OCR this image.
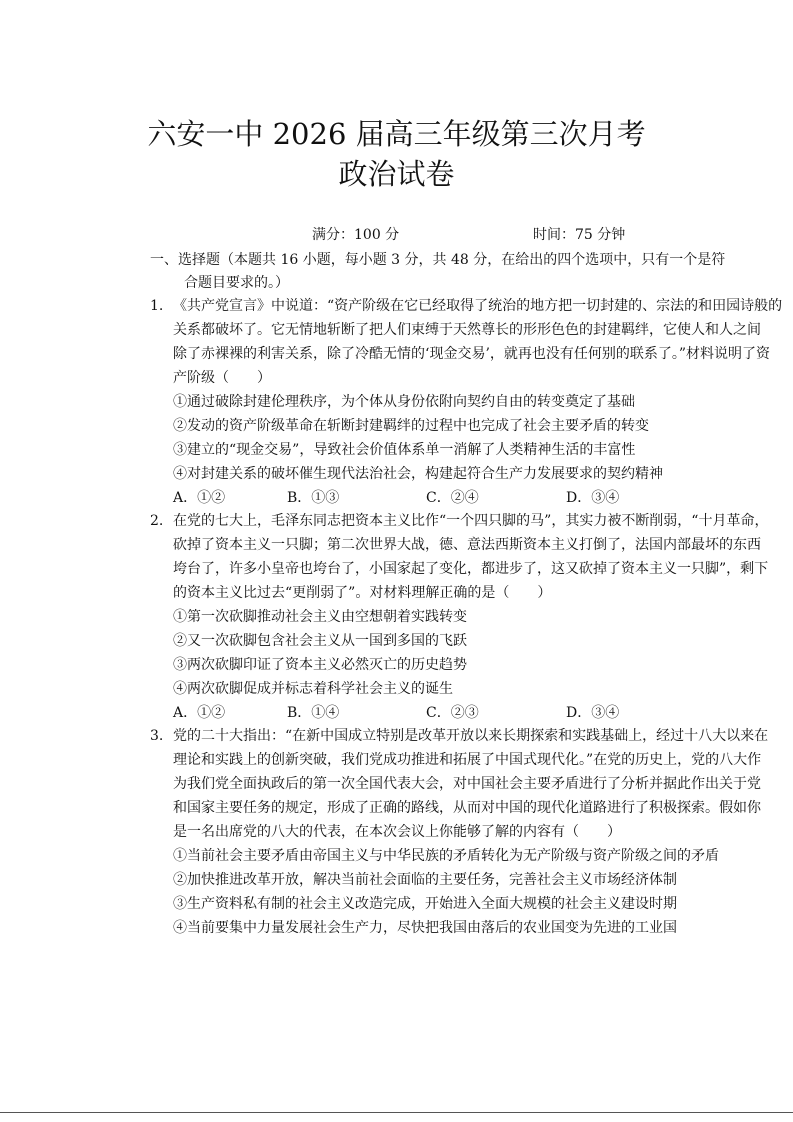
六安一中 2026 届高三年级第三次月考
政治试卷
满分：100 分	时间：75 分钟
一、选择题（本题共 16 小题，每小题 3 分，共 48 分，在给出的四个选项中，只有一个是符
合题目要求的。）
1. 《共产党宣言》中说道：“资产阶级在它已经取得了统治的地方把一切封建的、宗法的和田园诗般的
关系都破坏了。它无情地斩断了把人们束缚于天然尊长的形形色色的封建羁绊，它使人和人之间
除了赤裸裸的利害关系，除了冷酷无情的‘现金交易’，就再也没有任何别的联系了。”材料说明了资
产阶级（　　）
①通过破除封建伦理秩序，为个体从身份依附向契约自由的转变奠定了基础
②发动的资产阶级革命在斩断封建羁绊的过程中也完成了社会主要矛盾的转变
③建立的“现金交易”，导致社会价值体系单一消解了人类精神生活的丰富性
④对封建关系的破坏催生现代法治社会，构建起符合生产力发展要求的契约精神
A．①②	B．①③	C．②④	D．③④
2. 在党的七大上，毛泽东同志把资本主义比作“一个四只脚的马”，其实力被不断削弱，“十月革命，
砍掉了资本主义一只脚；第二次世界大战，德、意法西斯资本主义打倒了，法国内部最坏的东西
垮台了，许多小皇帝也垮台了，小国家起了变化，都进步了，这又砍掉了资本主义一只脚”，剩下
的资本主义比过去“更削弱了”。对材料理解正确的是（　　）
①第一次砍脚推动社会主义由空想朝着实践转变
②又一次砍脚包含社会主义从一国到多国的飞跃
③两次砍脚印证了资本主义必然灭亡的历史趋势
④两次砍脚促成并标志着科学社会主义的诞生
A．①②	B．①④	C．②③	D．③④
3. 党的二十大指出：“在新中国成立特别是改革开放以来长期探索和实践基础上，经过十八大以来在
理论和实践上的创新突破，我们党成功推进和拓展了中国式现代化。”在党的历史上，党的八大作
为我们党全面执政后的第一次全国代表大会，对中国社会主要矛盾进行了分析并据此作出关于党
和国家主要任务的规定，形成了正确的路线，从而对中国的现代化道路进行了积极探索。假如你
是一名出席党的八大的代表，在本次会议上你能够了解的内容有（　　）
①当前社会主要矛盾由帝国主义与中华民族的矛盾转化为无产阶级与资产阶级之间的矛盾
②加快推进改革开放，解决当前社会面临的主要任务，完善社会主义市场经济体制
③生产资料私有制的社会主义改造完成，开始进入全面大规模的社会主义建设时期
④当前要集中力量发展社会生产力，尽快把我国由落后的农业国变为先进的工业国
